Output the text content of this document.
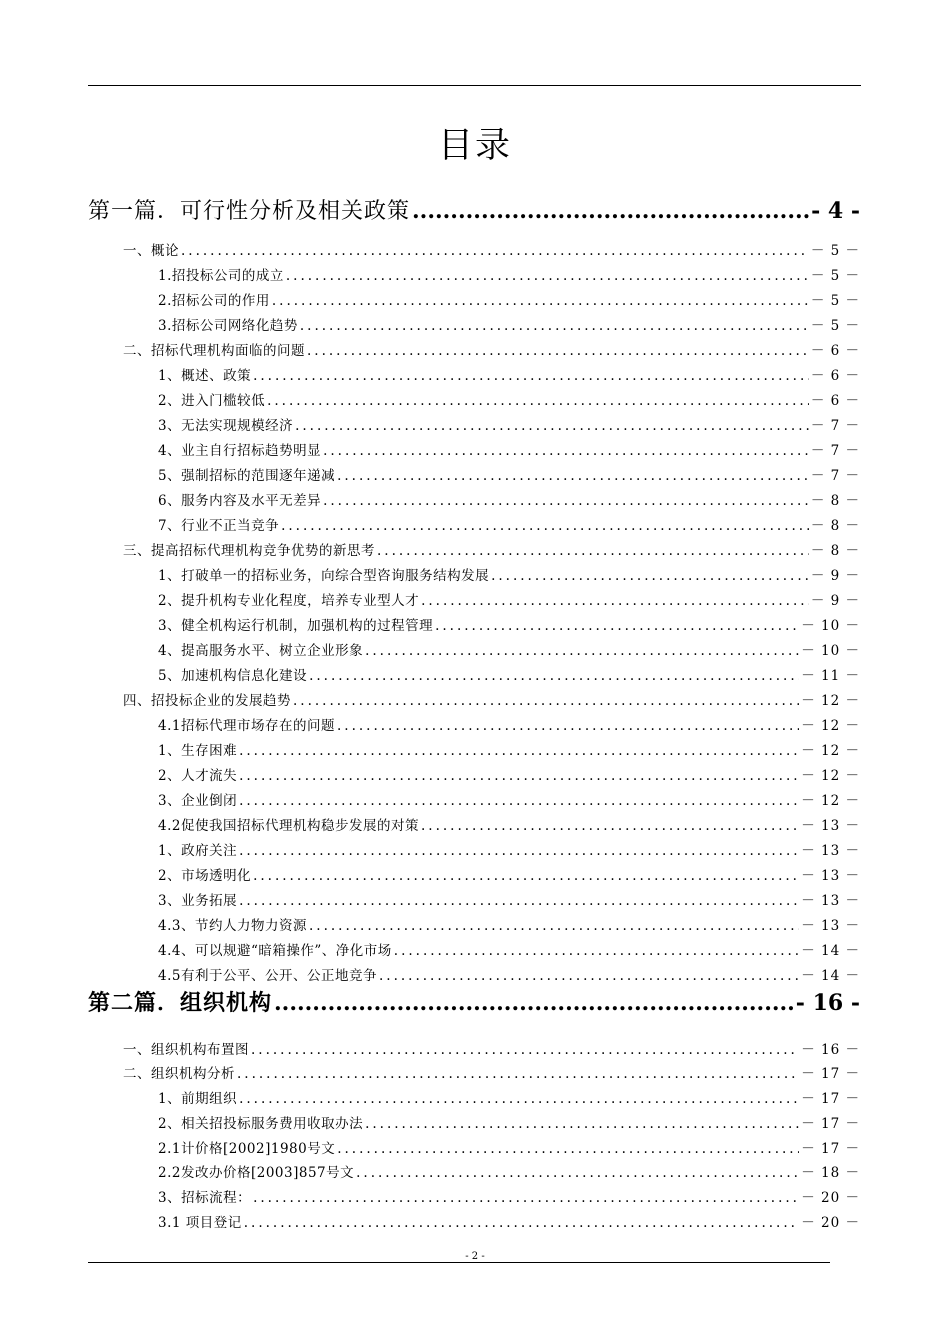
目录
第一篇．可行性分析及相关政策 .....	- 4 -
一、概论 .....	－ 5 －
1.招投标公司的成立 .....	－ 5 －
2.招标公司的作用 .....	－ 5 －
3.招标公司网络化趋势 .....	－ 5 －
二、招标代理机构面临的问题 .....	－ 6 －
1、概述、政策 .....	－ 6 －
2、进入门槛较低 .....	－ 6 －
3、无法实现规模经济 .....	－ 7 －
4、业主自行招标趋势明显 .....	－ 7 －
5、强制招标的范围逐年递减 .....	－ 7 －
6、服务内容及水平无差异 .....	－ 8 －
7、行业不正当竞争 .....	－ 8 －
三、提高招标代理机构竞争优势的新思考 .....	－ 8 －
1、打破单一的招标业务，向综合型咨询服务结构发展 .....	－ 9 －
2、提升机构专业化程度，培养专业型人才 .....	－ 9 －
3、健全机构运行机制，加强机构的过程管理 .....	－ 10 －
4、提高服务水平、树立企业形象 .....	－ 10 －
5、加速机构信息化建设 .....	－ 11 －
四、招投标企业的发展趋势 .....	－ 12 －
4.1招标代理市场存在的问题 .....	－ 12 －
1、生存困难 .....	－ 12 －
2、人才流失 .....	－ 12 －
3、企业倒闭 .....	－ 12 －
4.2促使我国招标代理机构稳步发展的对策 .....	－ 13 －
1、政府关注 .....	－ 13 －
2、市场透明化 .....	－ 13 －
3、业务拓展 .....	－ 13 －
4.3、节约人力物力资源 .....	－ 13 －
4.4、可以规避“暗箱操作”、净化市场 .....	－ 14 －
4.5有利于公平、公开、公正地竞争 .....	－ 14 －
第二篇．组织机构 .....	- 16 -
一、组织机构布置图 .....	－ 16 －
二、组织机构分析 .....	－ 17 －
1、前期组织 .....	－ 17 －
2、相关招投标服务费用收取办法 .....	－ 17 －
2.1计价格[2002]1980号文 .....	－ 17 －
2.2发改办价格[2003]857号文 .....	－ 18 －
3、招标流程： .....	－ 20 －
3.1 项目登记 .....	－ 20 －
- 2 -
